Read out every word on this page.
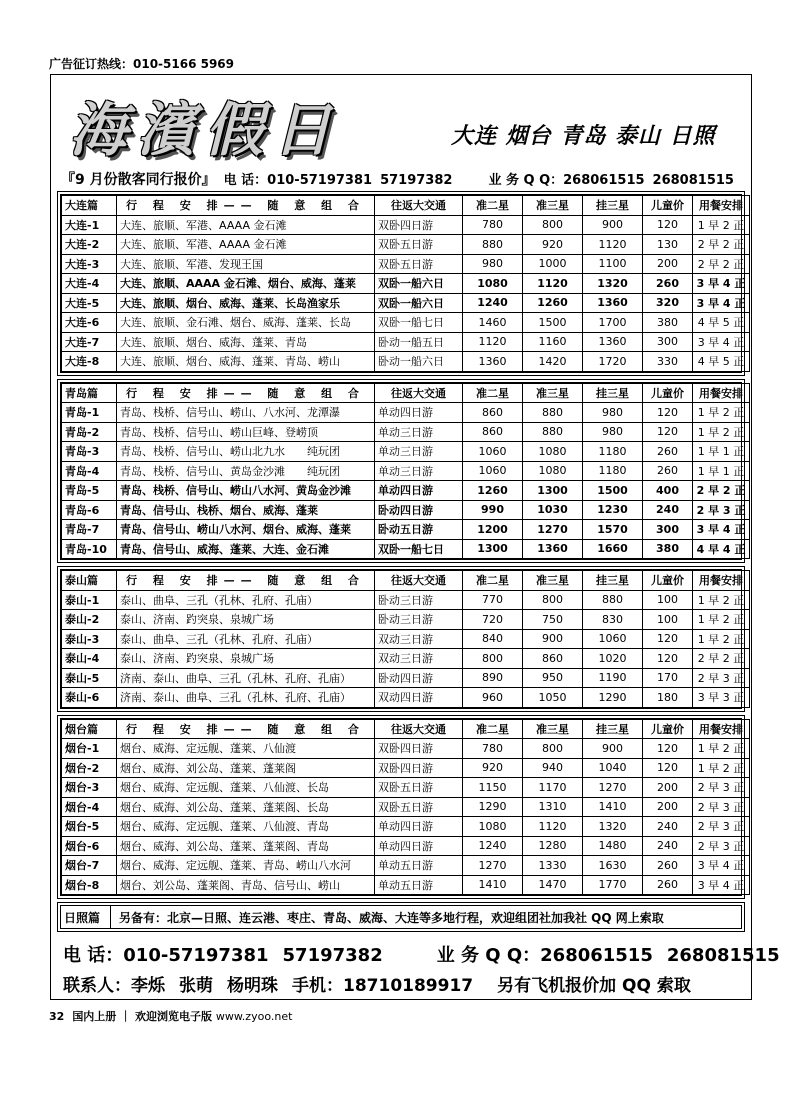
广告征订热线：010-5166 5969
海濱假日	大连 烟台 青岛 泰山 日照
『9 月份散客同行报价』 电 话：010-57197381 57197382	业 务 Q Q：268061515 268081515
大连篇	行 程 安 排—— 随 意 组 合	往返大交通	准二星	准三星	挂三星	儿童价	用餐安排
大连-1	大连、旅顺、军港、AAAA 金石滩	双卧四日游	780	800	900	120	1 早 2 正
大连-2	大连、旅顺、军港、AAAA 金石滩	双卧五日游	880	920	1120	130	2 早 2 正
大连-3	大连、旅顺、军港、发现王国	双卧五日游	980	1000	1100	200	2 早 2 正
大连-4	大连、旅顺、AAAA 金石滩、烟台、威海、蓬莱	双卧一船六日	1080	1120	1320	260	3 早 4 正
大连-5	大连、旅顺、烟台、威海、蓬莱、长岛渔家乐	双卧一船六日	1240	1260	1360	320	3 早 4 正
大连-6	大连、旅顺、金石滩、烟台、威海、蓬莱、长岛	双卧一船七日	1460	1500	1700	380	4 早 5 正
大连-7	大连、旅顺、烟台、威海、蓬莱、青岛	卧动一船五日	1120	1160	1360	300	3 早 4 正
大连-8	大连、旅顺、烟台、威海、蓬莱、青岛、崂山	卧动一船六日	1360	1420	1720	330	4 早 5 正
青岛篇	行 程 安 排—— 随 意 组 合	往返大交通	准二星	准三星	挂三星	儿童价	用餐安排
青岛-1	青岛、栈桥、信号山、崂山、八水河、龙潭瀑	单动四日游	860	880	980	120	1 早 2 正
青岛-2	青岛、栈桥、信号山、崂山巨峰、登崂顶	单动三日游	860	880	980	120	1 早 2 正
青岛-3	青岛、栈桥、信号山、崂山北九水　　纯玩团	单动三日游	1060	1080	1180	260	1 早 1 正
青岛-4	青岛、栈桥、信号山、黄岛金沙滩　　纯玩团	单动三日游	1060	1080	1180	260	1 早 1 正
青岛-5	青岛、栈桥、信号山、崂山八水河、黄岛金沙滩	单动四日游	1260	1300	1500	400	2 早 2 正
青岛-6	青岛、信号山、栈桥、烟台、威海、蓬莱	卧动四日游	990	1030	1230	240	2 早 3 正
青岛-7	青岛、信号山、崂山八水河、烟台、威海、蓬莱	卧动五日游	1200	1270	1570	300	3 早 4 正
青岛-10	青岛、信号山、威海、蓬莱、大连、金石滩	双卧一船七日	1300	1360	1660	380	4 早 4 正
泰山篇	行 程 安 排—— 随 意 组 合	往返大交通	准二星	准三星	挂三星	儿童价	用餐安排
泰山-1	泰山、曲阜、三孔（孔林、孔府、孔庙）	卧动三日游	770	800	880	100	1 早 2 正
泰山-2	泰山、济南、趵突泉、泉城广场	卧动三日游	720	750	830	100	1 早 2 正
泰山-3	泰山、曲阜、三孔（孔林、孔府、孔庙）	双动三日游	840	900	1060	120	1 早 2 正
泰山-4	泰山、济南、趵突泉、泉城广场	双动三日游	800	860	1020	120	2 早 2 正
泰山-5	济南、泰山、曲阜、三孔（孔林、孔府、孔庙）	卧动四日游	890	950	1190	170	2 早 3 正
泰山-6	济南、泰山、曲阜、三孔（孔林、孔府、孔庙）	双动四日游	960	1050	1290	180	3 早 3 正
烟台篇	行 程 安 排—— 随 意 组 合	往返大交通	准二星	准三星	挂三星	儿童价	用餐安排
烟台-1	烟台、威海、定远舰、蓬莱、八仙渡	双卧四日游	780	800	900	120	1 早 2 正
烟台-2	烟台、威海、刘公岛、蓬莱、蓬莱阁	双卧四日游	920	940	1040	120	1 早 2 正
烟台-3	烟台、威海、定远舰、蓬莱、八仙渡、长岛	双卧五日游	1150	1170	1270	200	2 早 3 正
烟台-4	烟台、威海、刘公岛、蓬莱、蓬莱阁、长岛	双卧五日游	1290	1310	1410	200	2 早 3 正
烟台-5	烟台、威海、定远舰、蓬莱、八仙渡、青岛	单动四日游	1080	1120	1320	240	2 早 3 正
烟台-6	烟台、威海、刘公岛、蓬莱、蓬莱阁、青岛	单动四日游	1240	1280	1480	240	2 早 3 正
烟台-7	烟台、威海、定远舰、蓬莱、青岛、崂山八水河	单动五日游	1270	1330	1630	260	3 早 4 正
烟台-8	烟台、刘公岛、蓬莱阁、青岛、信号山、崂山	单动五日游	1410	1470	1770	260	3 早 4 正
日照篇	另备有：北京—日照、连云港、枣庄、青岛、威海、大连等多地行程，欢迎组团社加我社 QQ 网上索取
电 话：010-57197381 57197382	业 务 Q Q：268061515 268081515
联系人：李烁 张萌 杨明珠 手机：18710189917 另有飞机报价加 QQ 索取
32 国内上册 ｜ 欢迎浏览电子版 www.zyoo.net
